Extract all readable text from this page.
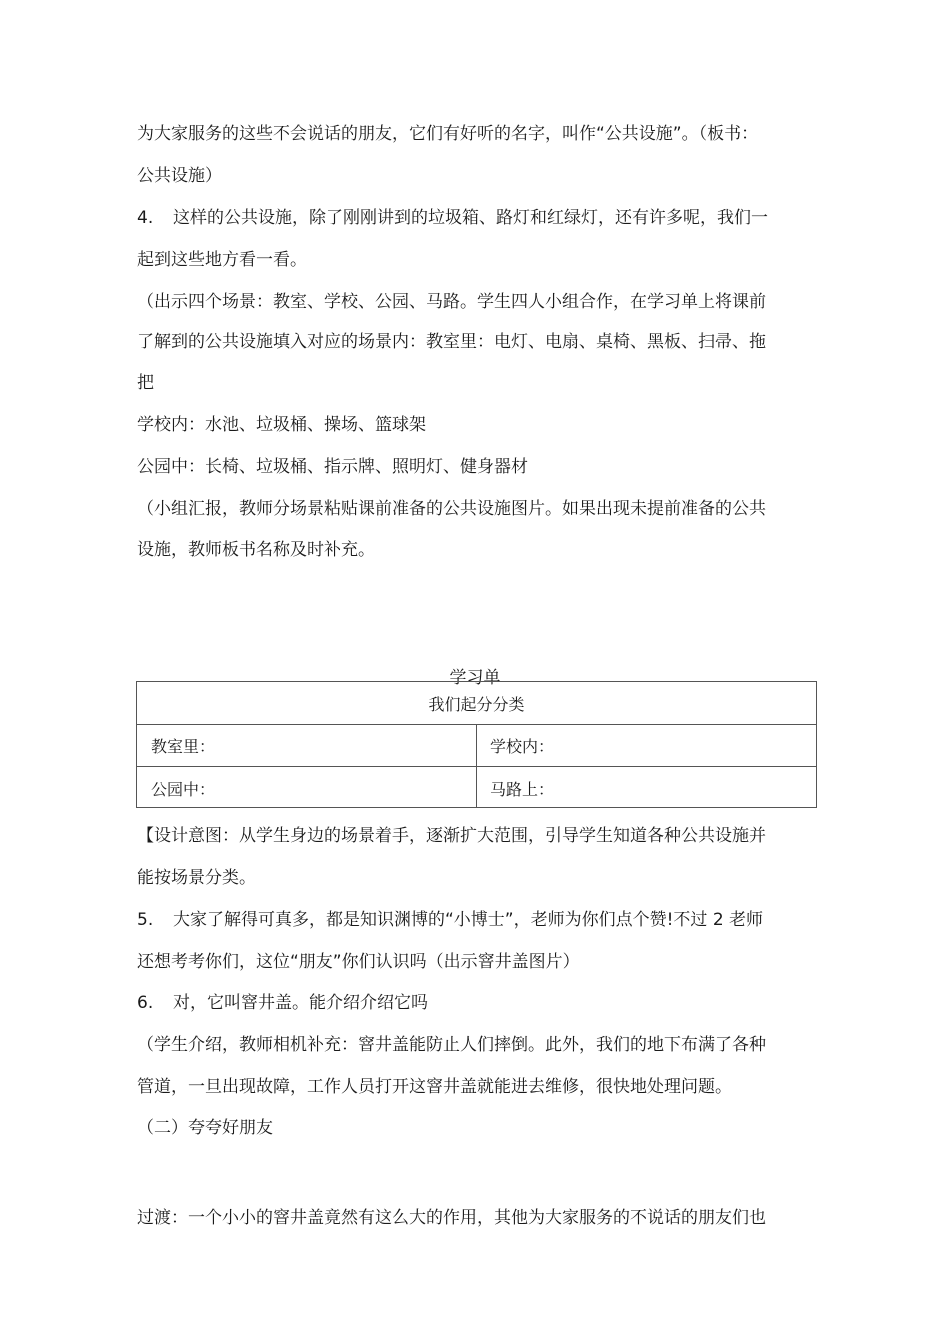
为大家服务的这些不会说话的朋友，它们有好听的名字，叫作“公共设施”。（板书：
公共设施）
4. 这样的公共设施，除了刚刚讲到的垃圾箱、路灯和红绿灯，还有许多呢，我们一
起到这些地方看一看。
（出示四个场景：教室、学校、公园、马路。学生四人小组合作，在学习单上将课前
了解到的公共设施填入对应的场景内：教室里：电灯、电扇、桌椅、黑板、扫帚、拖
把
学校内：水池、垃圾桶、操场、篮球架
公园中：长椅、垃圾桶、指示牌、照明灯、健身器材
（小组汇报，教师分场景粘贴课前准备的公共设施图片。如果出现未提前准备的公共
设施，教师板书名称及时补充。
学习单
我们起分分类
教室里：	学校内：
公园中：	马路上：
【设计意图：从学生身边的场景着手，逐渐扩大范围，引导学生知道各种公共设施并
能按场景分类。
5. 大家了解得可真多，都是知识渊博的“小博士”，老师为你们点个赞!不过 2 老师
还想考考你们，这位“朋友”你们认识吗（出示窨井盖图片）
6. 对，它叫窨井盖。能介绍介绍它吗
（学生介绍，教师相机补充：窨井盖能防止人们摔倒。此外，我们的地下布满了各种
管道，一旦出现故障，工作人员打开这窨井盖就能进去维修，很快地处理问题。
（二）夸夸好朋友
过渡：一个小小的窨井盖竟然有这么大的作用，其他为大家服务的不说话的朋友们也
